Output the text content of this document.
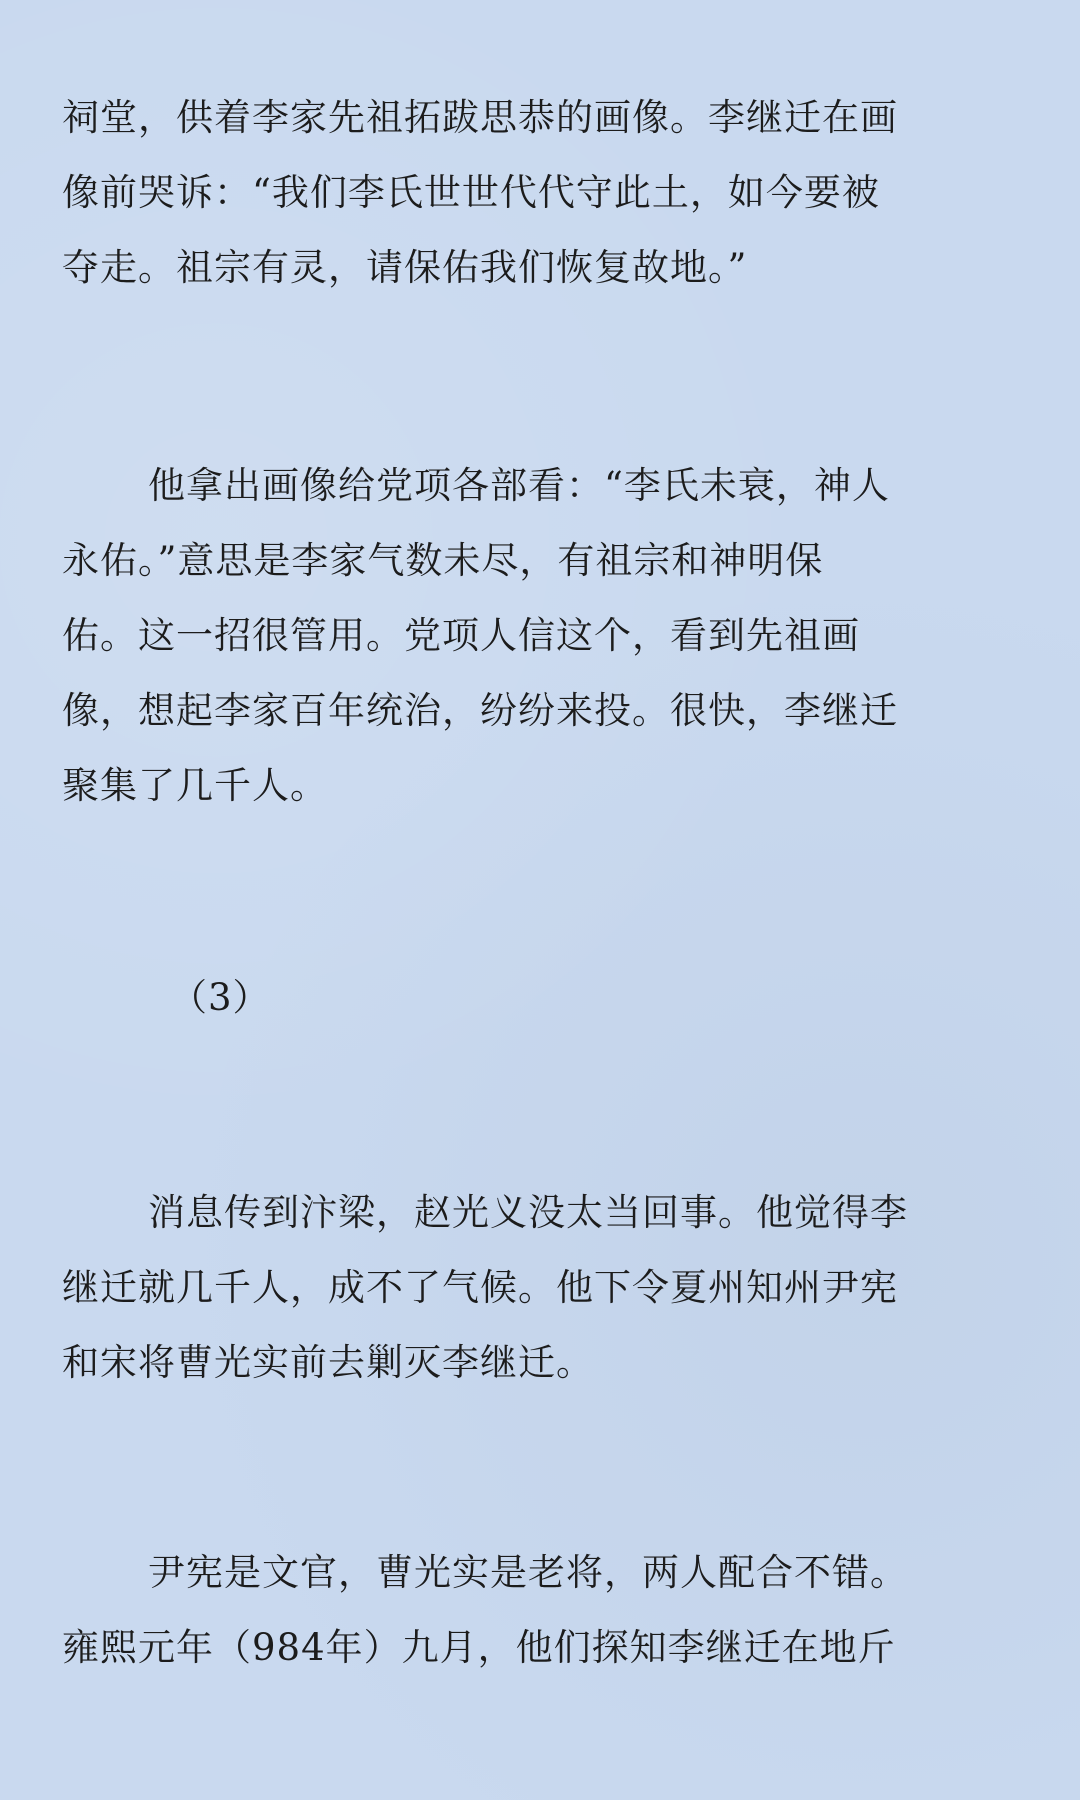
祠堂，供着李家先祖拓跋思恭的画像。李继迁在画
像前哭诉：“我们李氏世世代代守此土，如今要被
夺走。祖宗有灵，请保佑我们恢复故地。”

他拿出画像给党项各部看：“李氏未衰，神人
永佑。”意思是李家气数未尽，有祖宗和神明保
佑。这一招很管用。党项人信这个，看到先祖画
像，想起李家百年统治，纷纷来投。很快，李继迁
聚集了几千人。

（3）

消息传到汴梁，赵光义没太当回事。他觉得李
继迁就几千人，成不了气候。他下令夏州知州尹宪
和宋将曹光实前去剿灭李继迁。

尹宪是文官，曹光实是老将，两人配合不错。
雍熙元年（984年）九月，他们探知李继迁在地斤
